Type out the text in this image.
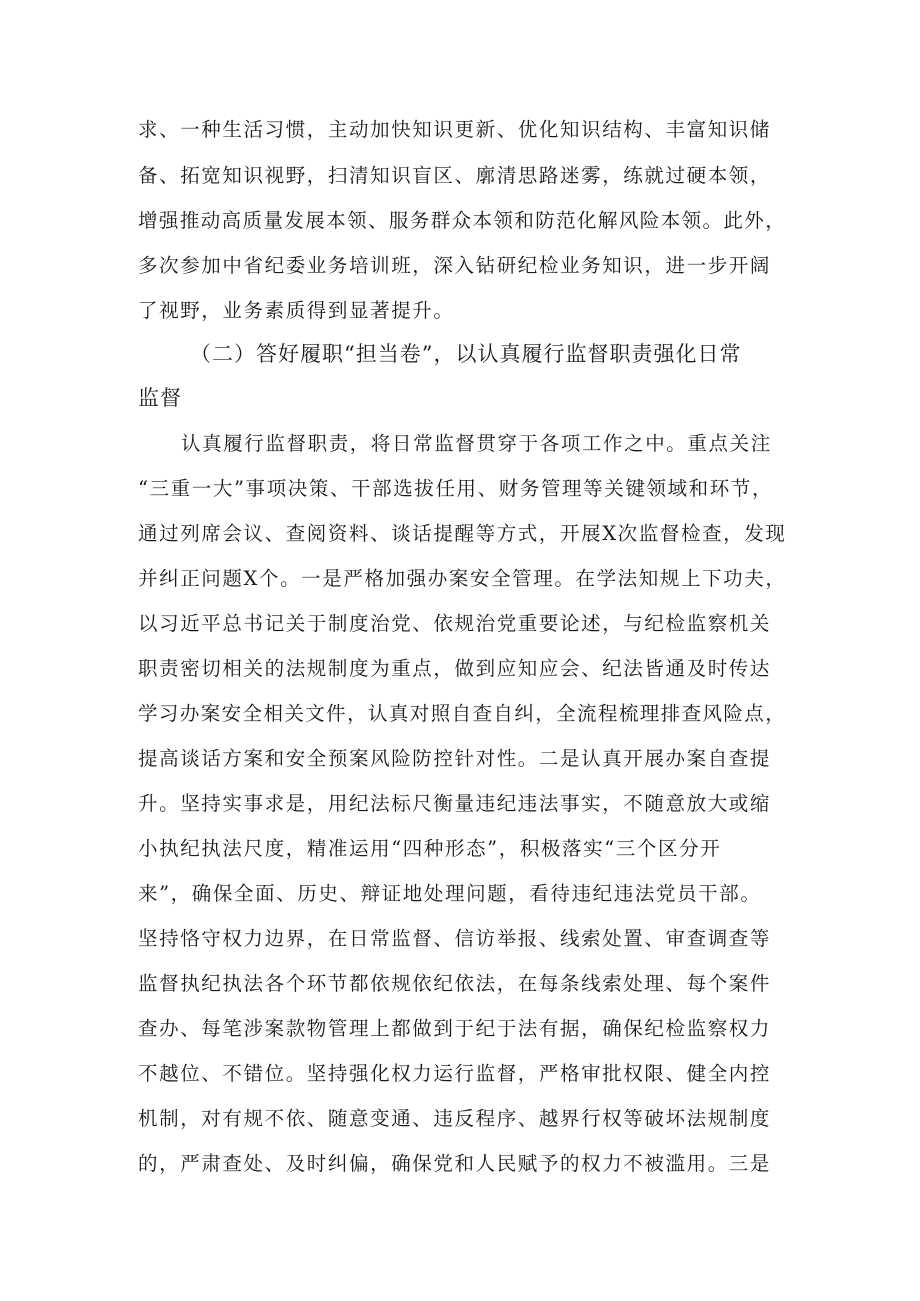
求、一种生活习惯，主动加快知识更新、优化知识结构、丰富知识储
备、拓宽知识视野，扫清知识盲区、廓清思路迷雾，练就过硬本领，
增强推动高质量发展本领、服务群众本领和防范化解风险本领。此外，
多次参加中省纪委业务培训班，深入钻研纪检业务知识，进一步开阔
了视野，业务素质得到显著提升。
（二）答好履职“担当卷”，以认真履行监督职责强化日常
监督
认真履行监督职责，将日常监督贯穿于各项工作之中。重点关注
“三重一大”事项决策、干部选拔任用、财务管理等关键领域和环节，
通过列席会议、查阅资料、谈话提醒等方式，开展X次监督检查，发现
并纠正问题X个。一是严格加强办案安全管理。在学法知规上下功夫，
以习近平总书记关于制度治党、依规治党重要论述，与纪检监察机关
职责密切相关的法规制度为重点，做到应知应会、纪法皆通及时传达
学习办案安全相关文件，认真对照自查自纠，全流程梳理排查风险点，
提高谈话方案和安全预案风险防控针对性。二是认真开展办案自查提
升。坚持实事求是，用纪法标尺衡量违纪违法事实，不随意放大或缩
小执纪执法尺度，精准运用“四种形态”，积极落实“三个区分开
来”，确保全面、历史、辩证地处理问题，看待违纪违法党员干部。
坚持恪守权力边界，在日常监督、信访举报、线索处置、审查调查等
监督执纪执法各个环节都依规依纪依法，在每条线索处理、每个案件
查办、每笔涉案款物管理上都做到于纪于法有据，确保纪检监察权力
不越位、不错位。坚持强化权力运行监督，严格审批权限、健全内控
机制，对有规不依、随意变通、违反程序、越界行权等破坏法规制度
的，严肃查处、及时纠偏，确保党和人民赋予的权力不被滥用。三是
